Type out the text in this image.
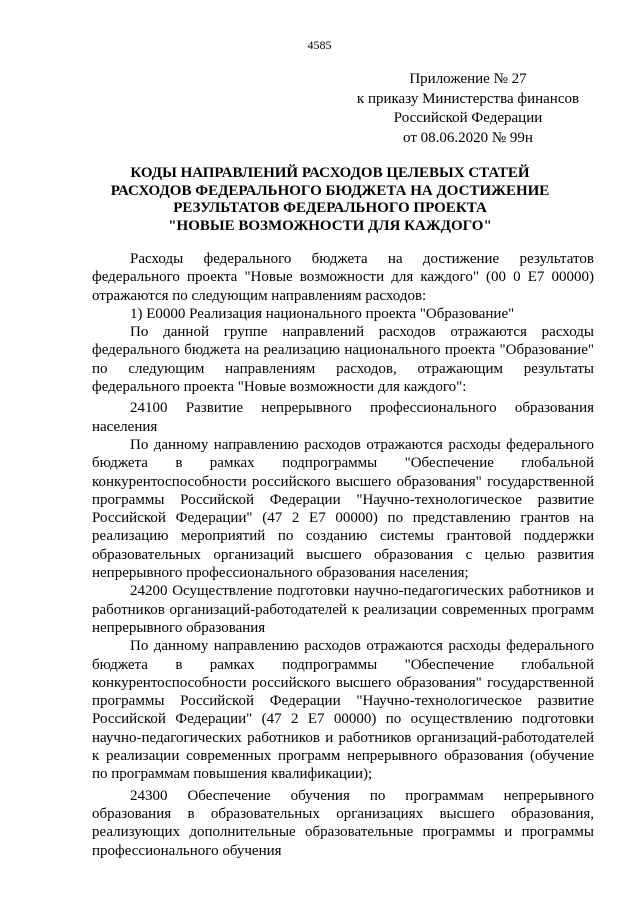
4585
Приложение № 27
к приказу Министерства финансов
Российской Федерации
от 08.06.2020 № 99н
КОДЫ НАПРАВЛЕНИЙ РАСХОДОВ ЦЕЛЕВЫХ СТАТЕЙ
РАСХОДОВ ФЕДЕРАЛЬНОГО БЮДЖЕТА НА ДОСТИЖЕНИЕ
РЕЗУЛЬТАТОВ ФЕДЕРАЛЬНОГО ПРОЕКТА
"НОВЫЕ ВОЗМОЖНОСТИ ДЛЯ КАЖДОГО"

Расходы федерального бюджета на достижение результатов федерального проекта "Новые возможности для каждого" (00 0 Е7 00000) отражаются по следующим направлениям расходов:

1) Е0000 Реализация национального проекта "Образование"

По данной группе направлений расходов отражаются расходы федерального бюджета на реализацию национального проекта "Образование" по следующим направлениям расходов, отражающим результаты федерального проекта "Новые возможности для каждого":

24100 Развитие непрерывного профессионального образования населения

По данному направлению расходов отражаются расходы федерального бюджета в рамках подпрограммы "Обеспечение глобальной конкурентоспособности российского высшего образования" государственной программы Российской Федерации "Научно-технологическое развитие Российской Федерации" (47 2 Е7 00000) по представлению грантов на реализацию мероприятий по созданию системы грантовой поддержки образовательных организаций высшего образования с целью развития непрерывного профессионального образования населения;

24200 Осуществление подготовки научно-педагогических работников и работников организаций-работодателей к реализации современных программ непрерывного образования

По данному направлению расходов отражаются расходы федерального бюджета в рамках подпрограммы "Обеспечение глобальной конкурентоспособности российского высшего образования" государственной программы Российской Федерации "Научно-технологическое развитие Российской Федерации" (47 2 Е7 00000) по осуществлению подготовки научно-педагогических работников и работников организаций-работодателей к реализации современных программ непрерывного образования (обучение по программам повышения квалификации);

24300 Обеспечение обучения по программам непрерывного образования в образовательных организациях высшего образования, реализующих дополнительные образовательные программы и программы профессионального обучения
